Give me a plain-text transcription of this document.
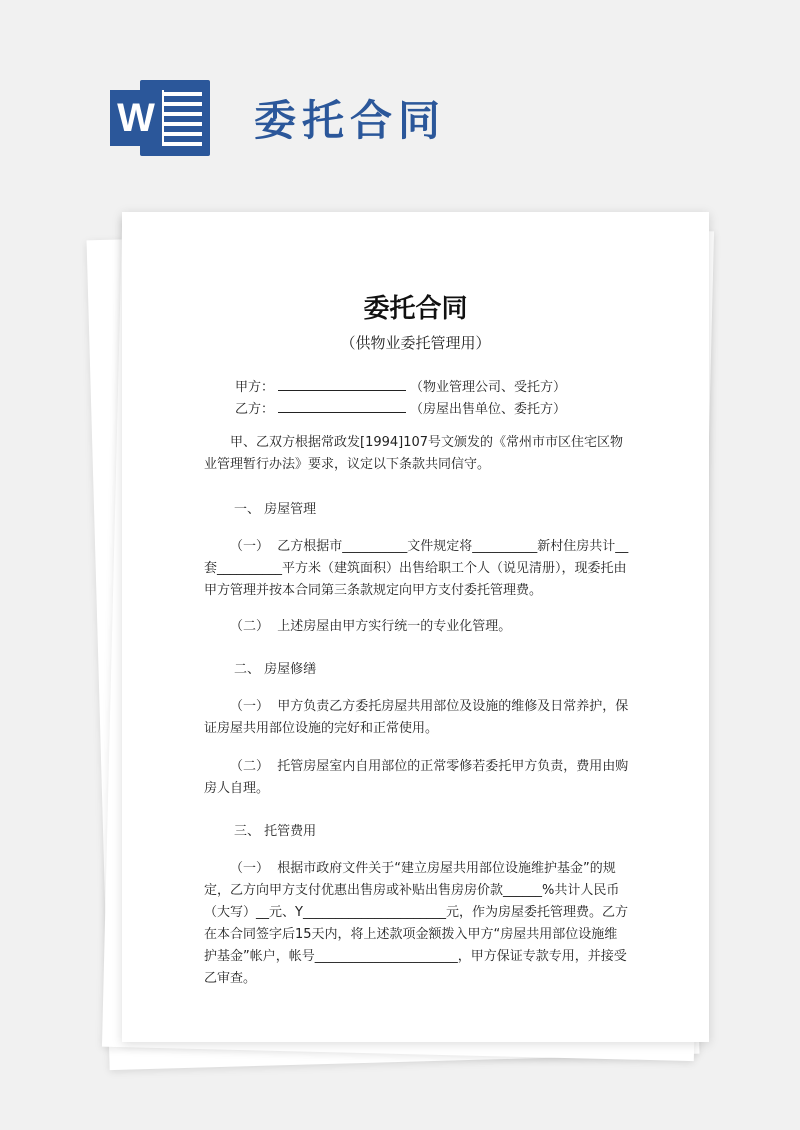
W 委托合同
委托合同
（供物业委托管理用）
甲方：	（物业管理公司、受托方）
乙方：	（房屋出售单位、委托方）
甲、乙双方根据常政发[1994]107号文颁发的《常州市市区住宅区物业管理暂行办法》要求，议定以下条款共同信守。
一、 房屋管理
（一）  乙方根据市__________文件规定将__________新村住房共计__套__________平方米（建筑面积）出售给职工个人（说见清册），现委托由甲方管理并按本合同第三条款规定向甲方支付委托管理费。
（二）  上述房屋由甲方实行统一的专业化管理。
二、 房屋修缮
（一）  甲方负责乙方委托房屋共用部位及设施的维修及日常养护，保证房屋共用部位设施的完好和正常使用。
（二）  托管房屋室内自用部位的正常零修若委托甲方负责，费用由购房人自理。
三、 托管费用
（一）  根据市政府文件关于“建立房屋共用部位设施维护基金”的规定，乙方向甲方支付优惠出售房或补贴出售房房价款______%共计人民币（大写）__元、Y______________________元，作为房屋委托管理费。乙方在本合同签字后15天内，将上述款项金额拨入甲方“房屋共用部位设施维护基金”帐户，帐号______________________，甲方保证专款专用，并接受乙审查。
